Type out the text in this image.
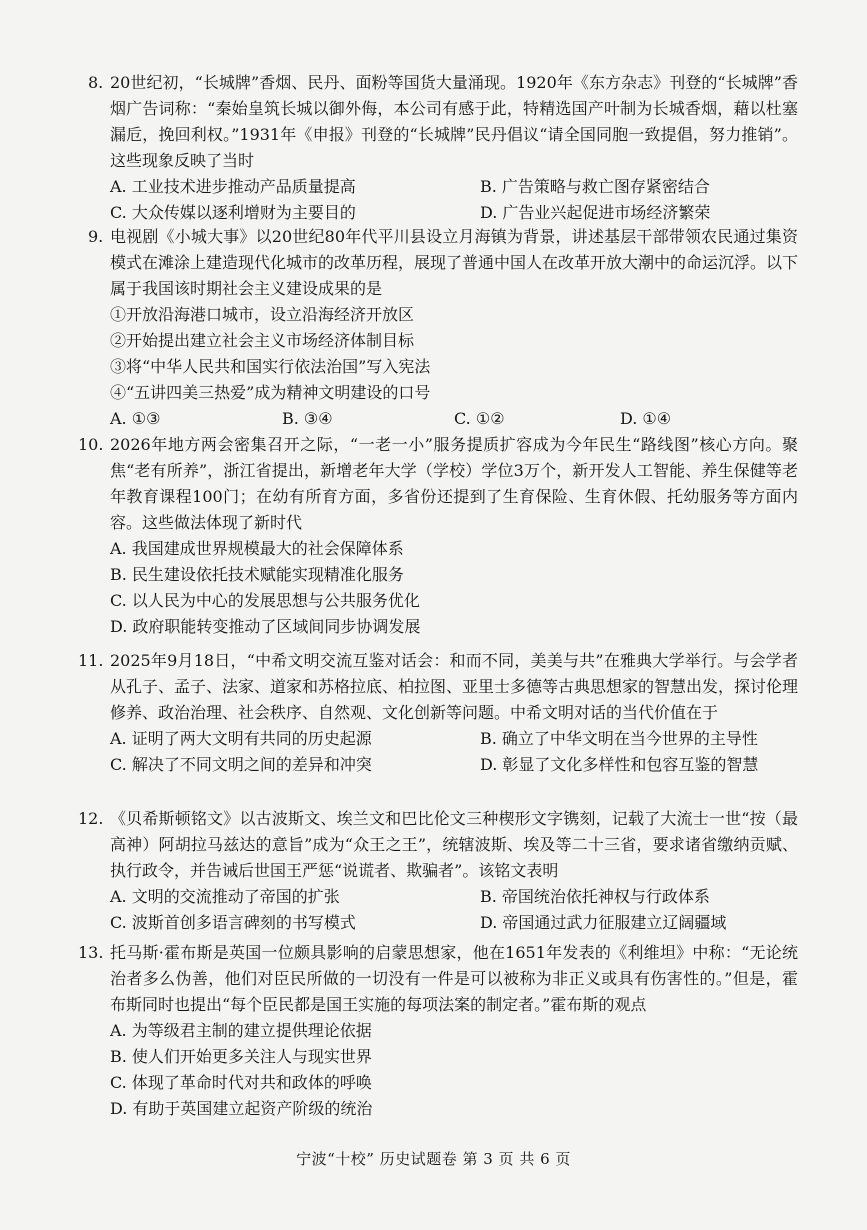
8. 20世纪初，“长城牌”香烟、民丹、面粉等国货大量涌现。1920年《东方杂志》刊登的“长城牌”香烟广告词称：“秦始皇筑长城以御外侮，本公司有感于此，特精选国产叶制为长城香烟，藉以杜塞漏卮，挽回利权。”1931年《申报》刊登的“长城牌”民丹倡议“请全国同胞一致提倡，努力推销”。这些现象反映了当时
A. 工业技术进步推动产品质量提高	B. 广告策略与救亡图存紧密结合
C. 大众传媒以逐利增财为主要目的	D. 广告业兴起促进市场经济繁荣
9. 电视剧《小城大事》以20世纪80年代平川县设立月海镇为背景，讲述基层干部带领农民通过集资模式在滩涂上建造现代化城市的改革历程，展现了普通中国人在改革开放大潮中的命运沉浮。以下属于我国该时期社会主义建设成果的是
①开放沿海港口城市，设立沿海经济开放区
②开始提出建立社会主义市场经济体制目标
③将“中华人民共和国实行依法治国”写入宪法
④“五讲四美三热爱”成为精神文明建设的口号
A. ①③	B. ③④	C. ①②	D. ①④
10. 2026年地方两会密集召开之际，“一老一小”服务提质扩容成为今年民生“路线图”核心方向。聚焦“老有所养”，浙江省提出，新增老年大学（学校）学位3万个，新开发人工智能、养生保健等老年教育课程100门；在幼有所育方面，多省份还提到了生育保险、生育休假、托幼服务等方面内容。这些做法体现了新时代
A. 我国建成世界规模最大的社会保障体系
B. 民生建设依托技术赋能实现精准化服务
C. 以人民为中心的发展思想与公共服务优化
D. 政府职能转变推动了区域间同步协调发展
11. 2025年9月18日，“中希文明交流互鉴对话会：和而不同，美美与共”在雅典大学举行。与会学者从孔子、孟子、法家、道家和苏格拉底、柏拉图、亚里士多德等古典思想家的智慧出发，探讨伦理修养、政治治理、社会秩序、自然观、文化创新等问题。中希文明对话的当代价值在于
A. 证明了两大文明有共同的历史起源	B. 确立了中华文明在当今世界的主导性
C. 解决了不同文明之间的差异和冲突	D. 彰显了文化多样性和包容互鉴的智慧
12. 《贝希斯顿铭文》以古波斯文、埃兰文和巴比伦文三种楔形文字镌刻，记载了大流士一世“按（最高神）阿胡拉马兹达的意旨”成为“众王之王”，统辖波斯、埃及等二十三省，要求诸省缴纳贡赋、执行政令，并告诫后世国王严惩“说谎者、欺骗者”。该铭文表明
A. 文明的交流推动了帝国的扩张	B. 帝国统治依托神权与行政体系
C. 波斯首创多语言碑刻的书写模式	D. 帝国通过武力征服建立辽阔疆域
13. 托马斯·霍布斯是英国一位颇具影响的启蒙思想家，他在1651年发表的《利维坦》中称：“无论统治者多么伪善，他们对臣民所做的一切没有一件是可以被称为非正义或具有伤害性的。”但是，霍布斯同时也提出“每个臣民都是国王实施的每项法案的制定者。”霍布斯的观点
A. 为等级君主制的建立提供理论依据
B. 使人们开始更多关注人与现实世界
C. 体现了革命时代对共和政体的呼唤
D. 有助于英国建立起资产阶级的统治
宁波“十校” 历史试题卷 第 3 页 共 6 页
